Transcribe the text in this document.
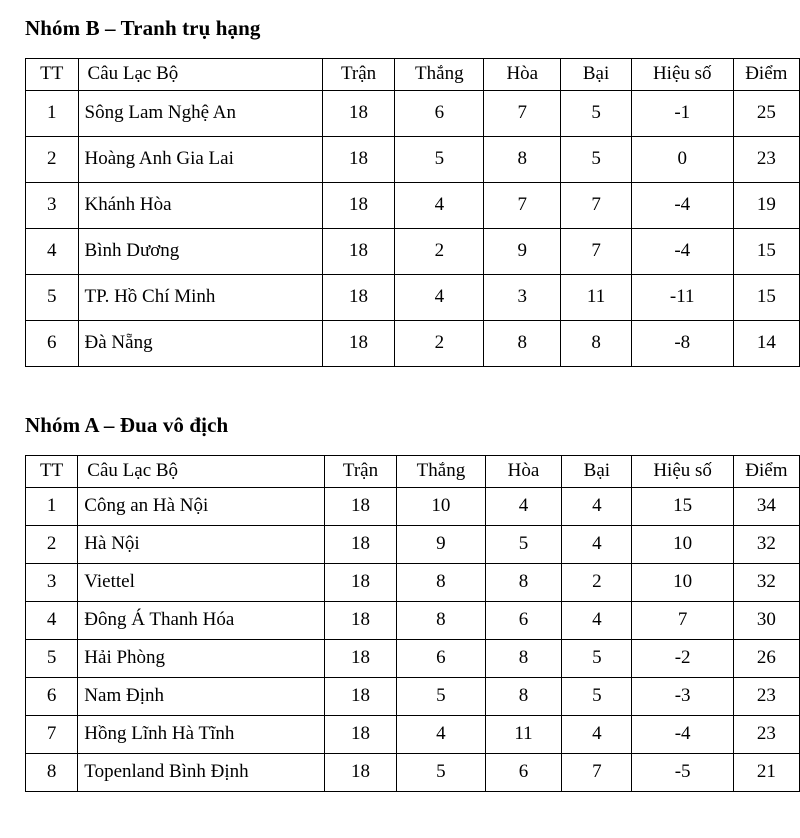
Nhóm B – Tranh trụ hạng
TT	Câu Lạc Bộ	Trận	Thắng	Hòa	Bại	Hiệu số	Điểm
1	Sông Lam Nghệ An	18	6	7	5	-1	25
2	Hoàng Anh Gia Lai	18	5	8	5	0	23
3	Khánh Hòa	18	4	7	7	-4	19
4	Bình Dương	18	2	9	7	-4	15
5	TP. Hồ Chí Minh	18	4	3	11	-11	15
6	Đà Nẵng	18	2	8	8	-8	14
Nhóm A – Đua vô địch
TT	Câu Lạc Bộ	Trận	Thắng	Hòa	Bại	Hiệu số	Điểm
1	Công an Hà Nội	18	10	4	4	15	34
2	Hà Nội	18	9	5	4	10	32
3	Viettel	18	8	8	2	10	32
4	Đông Á Thanh Hóa	18	8	6	4	7	30
5	Hải Phòng	18	6	8	5	-2	26
6	Nam Định	18	5	8	5	-3	23
7	Hồng Lĩnh Hà Tĩnh	18	4	11	4	-4	23
8	Topenland Bình Định	18	5	6	7	-5	21
